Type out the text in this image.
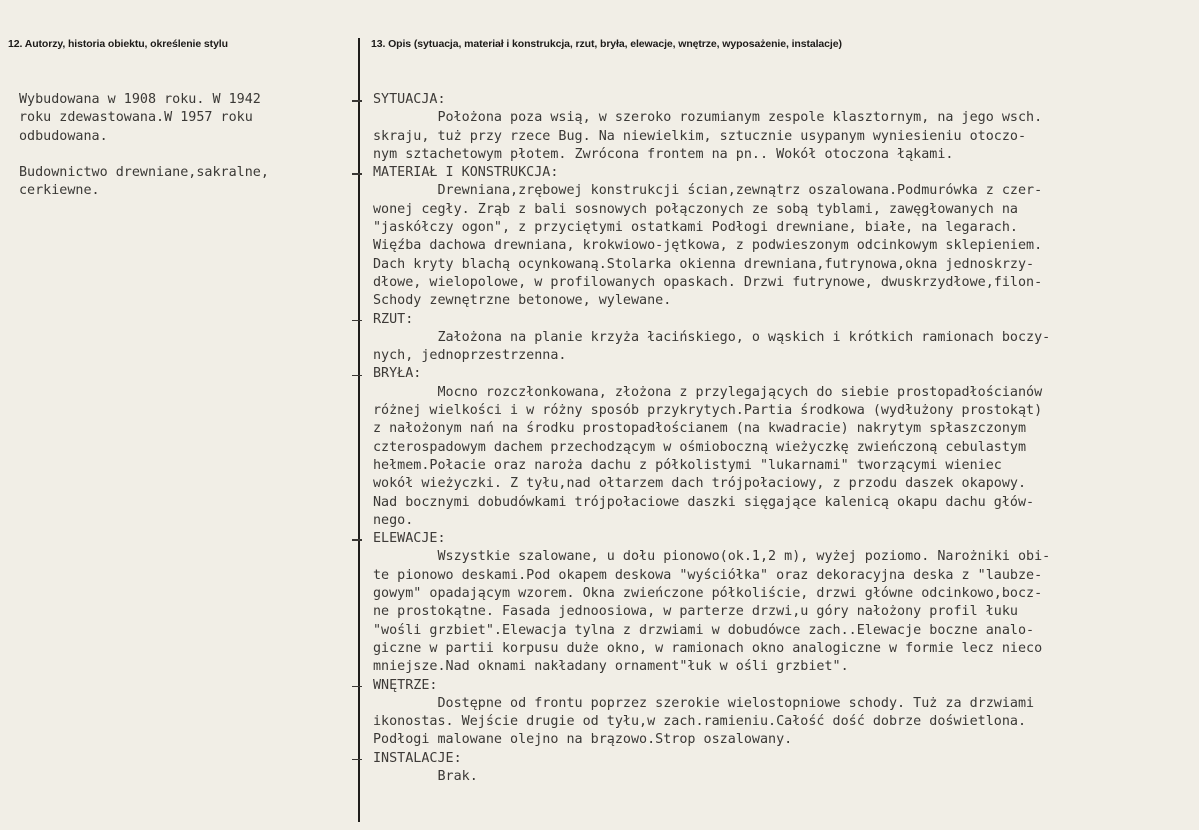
12. Autorzy, historia obiektu, określenie stylu	13. Opis (sytuacja, materiał i konstrukcja, rzut, bryła, elewacje, wnętrze, wyposażenie, instalacje)

Wybudowana w 1908 roku. W 1942
roku zdewastowana.W 1957 roku
odbudowana.

Budownictwo drewniane,sakralne,
cerkiewne.

SYTUACJA:
Położona poza wsią, w szeroko rozumianym zespole klasztornym, na jego wsch.
skraju, tuż przy rzece Bug. Na niewielkim, sztucznie usypanym wyniesieniu otoczo-
nym sztachetowym płotem. Zwrócona frontem na pn.. Wokół otoczona łąkami.
MATERIAŁ I KONSTRUKCJA:
Drewniana,zrębowej konstrukcji ścian,zewnątrz oszalowana.Podmurówka z czer-
wonej cegły. Zrąb z bali sosnowych połączonych ze sobą tyblami, zawęgłowanych na
"jaskółczy ogon", z przyciętymi ostatkami Podłogi drewniane, białe, na legarach.
Więźba dachowa drewniana, krokwiowo-jętkowa, z podwieszonym odcinkowym sklepieniem.
Dach kryty blachą ocynkowaną.Stolarka okienna drewniana,futrynowa,okna jednoskrzy-
dłowe, wielopolowe, w profilowanych opaskach. Drzwi futrynowe, dwuskrzydłowe,filon-
Schody zewnętrzne betonowe, wylewane.
RZUT:
Założona na planie krzyża łacińskiego, o wąskich i krótkich ramionach boczy-
nych, jednoprzestrzenna.
BRYŁA:
Mocno rozczłonkowana, złożona z przylegających do siebie prostopadłościanów
różnej wielkości i w różny sposób przykrytych.Partia środkowa (wydłużony prostokąt)
z nałożonym nań na środku prostopadłościanem (na kwadracie) nakrytym spłaszczonym
czterospadowym dachem przechodzącym w ośmioboczną wieżyczkę zwieńczoną cebulastym
hełmem.Połacie oraz naroża dachu z półkolistymi "lukarnami" tworzącymi wieniec
wokół wieżyczki. Z tyłu,nad ołtarzem dach trójpołaciowy, z przodu daszek okapowy.
Nad bocznymi dobudówkami trójpołaciowe daszki sięgające kalenicą okapu dachu głów-
nego.
ELEWACJE:
Wszystkie szalowane, u dołu pionowo(ok.1,2 m), wyżej poziomo. Narożniki obi-
te pionowo deskami.Pod okapem deskowa "wyściółka" oraz dekoracyjna deska z "laubze-
gowym" opadającym wzorem. Okna zwieńczone półkoliście, drzwi główne odcinkowo,bocz-
ne prostokątne. Fasada jednoosiowa, w parterze drzwi,u góry nałożony profil łuku
"wośli grzbiet".Elewacja tylna z drzwiami w dobudówce zach..Elewacje boczne analo-
giczne w partii korpusu duże okno, w ramionach okno analogiczne w formie lecz nieco
mniejsze.Nad oknami nakładany ornament"łuk w ośli grzbiet".
WNĘTRZE:
Dostępne od frontu poprzez szerokie wielostopniowe schody. Tuż za drzwiami
ikonostas. Wejście drugie od tyłu,w zach.ramieniu.Całość dość dobrze doświetlona.
Podłogi malowane olejno na brązowo.Strop oszalowany.
INSTALACJE:
Brak.
